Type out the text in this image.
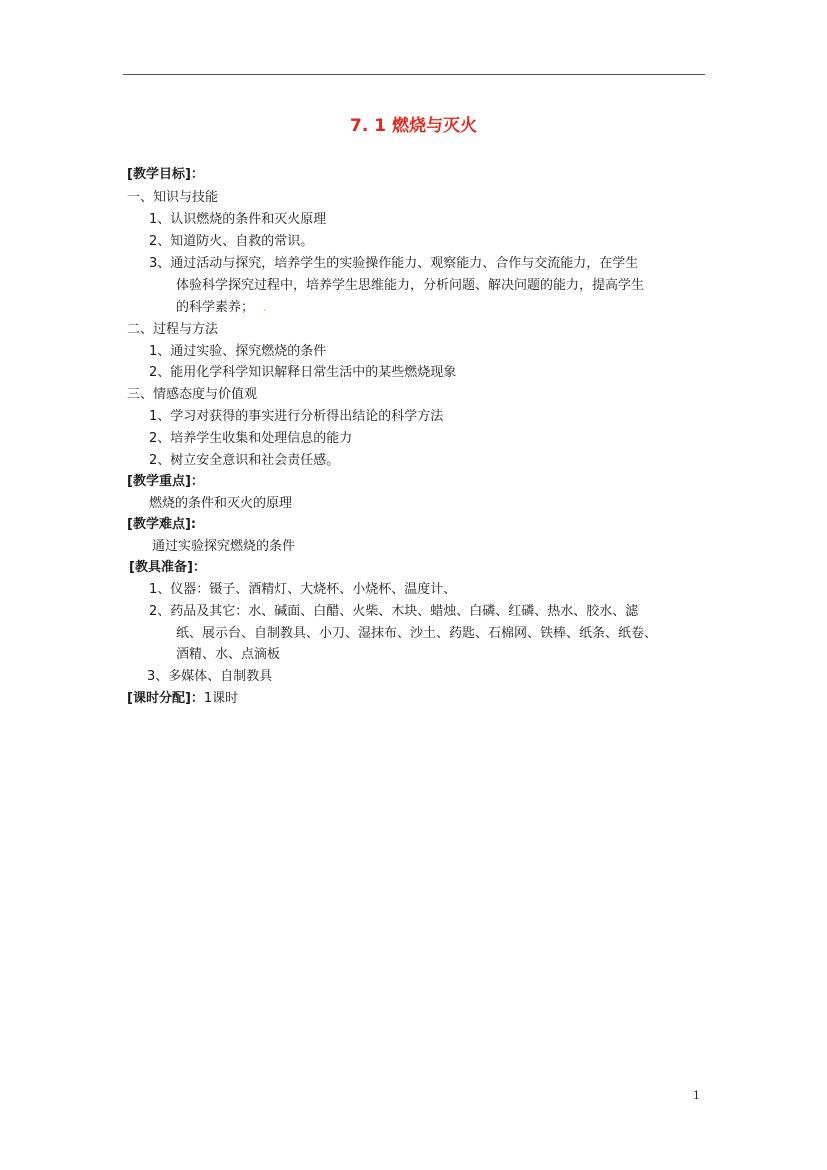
7. 1 燃烧与灭火
[教学目标]：
一、知识与技能
1、认识燃烧的条件和灭火原理
2、知道防火、自救的常识。
3、通过活动与探究，培养学生的实验操作能力、观察能力、合作与交流能力，在学生
体验科学探究过程中，培养学生思维能力，分析问题、解决问题的能力，提高学生
的科学素养； .
二、过程与方法
1、通过实验、探究燃烧的条件
2、能用化学科学知识解释日常生活中的某些燃烧现象
三、情感态度与价值观
1、学习对获得的事实进行分析得出结论的科学方法
2、培养学生收集和处理信息的能力
2、树立安全意识和社会责任感。
[教学重点]：
燃烧的条件和灭火的原理
[教学难点]:
通过实验探究燃烧的条件
[教具准备]：
1、仪器：镊子、酒精灯、大烧杯、小烧杯、温度计、
2、药品及其它：水、碱面、白醋、火柴、木块、蜡烛、白磷、红磷、热水、胶水、滤
纸、展示台、自制教具、小刀、湿抹布、沙土、药匙、石棉网、铁棒、纸条、纸卷、
酒精、水、点滴板
3、多媒体、自制教具
[课时分配]：1课时
1
